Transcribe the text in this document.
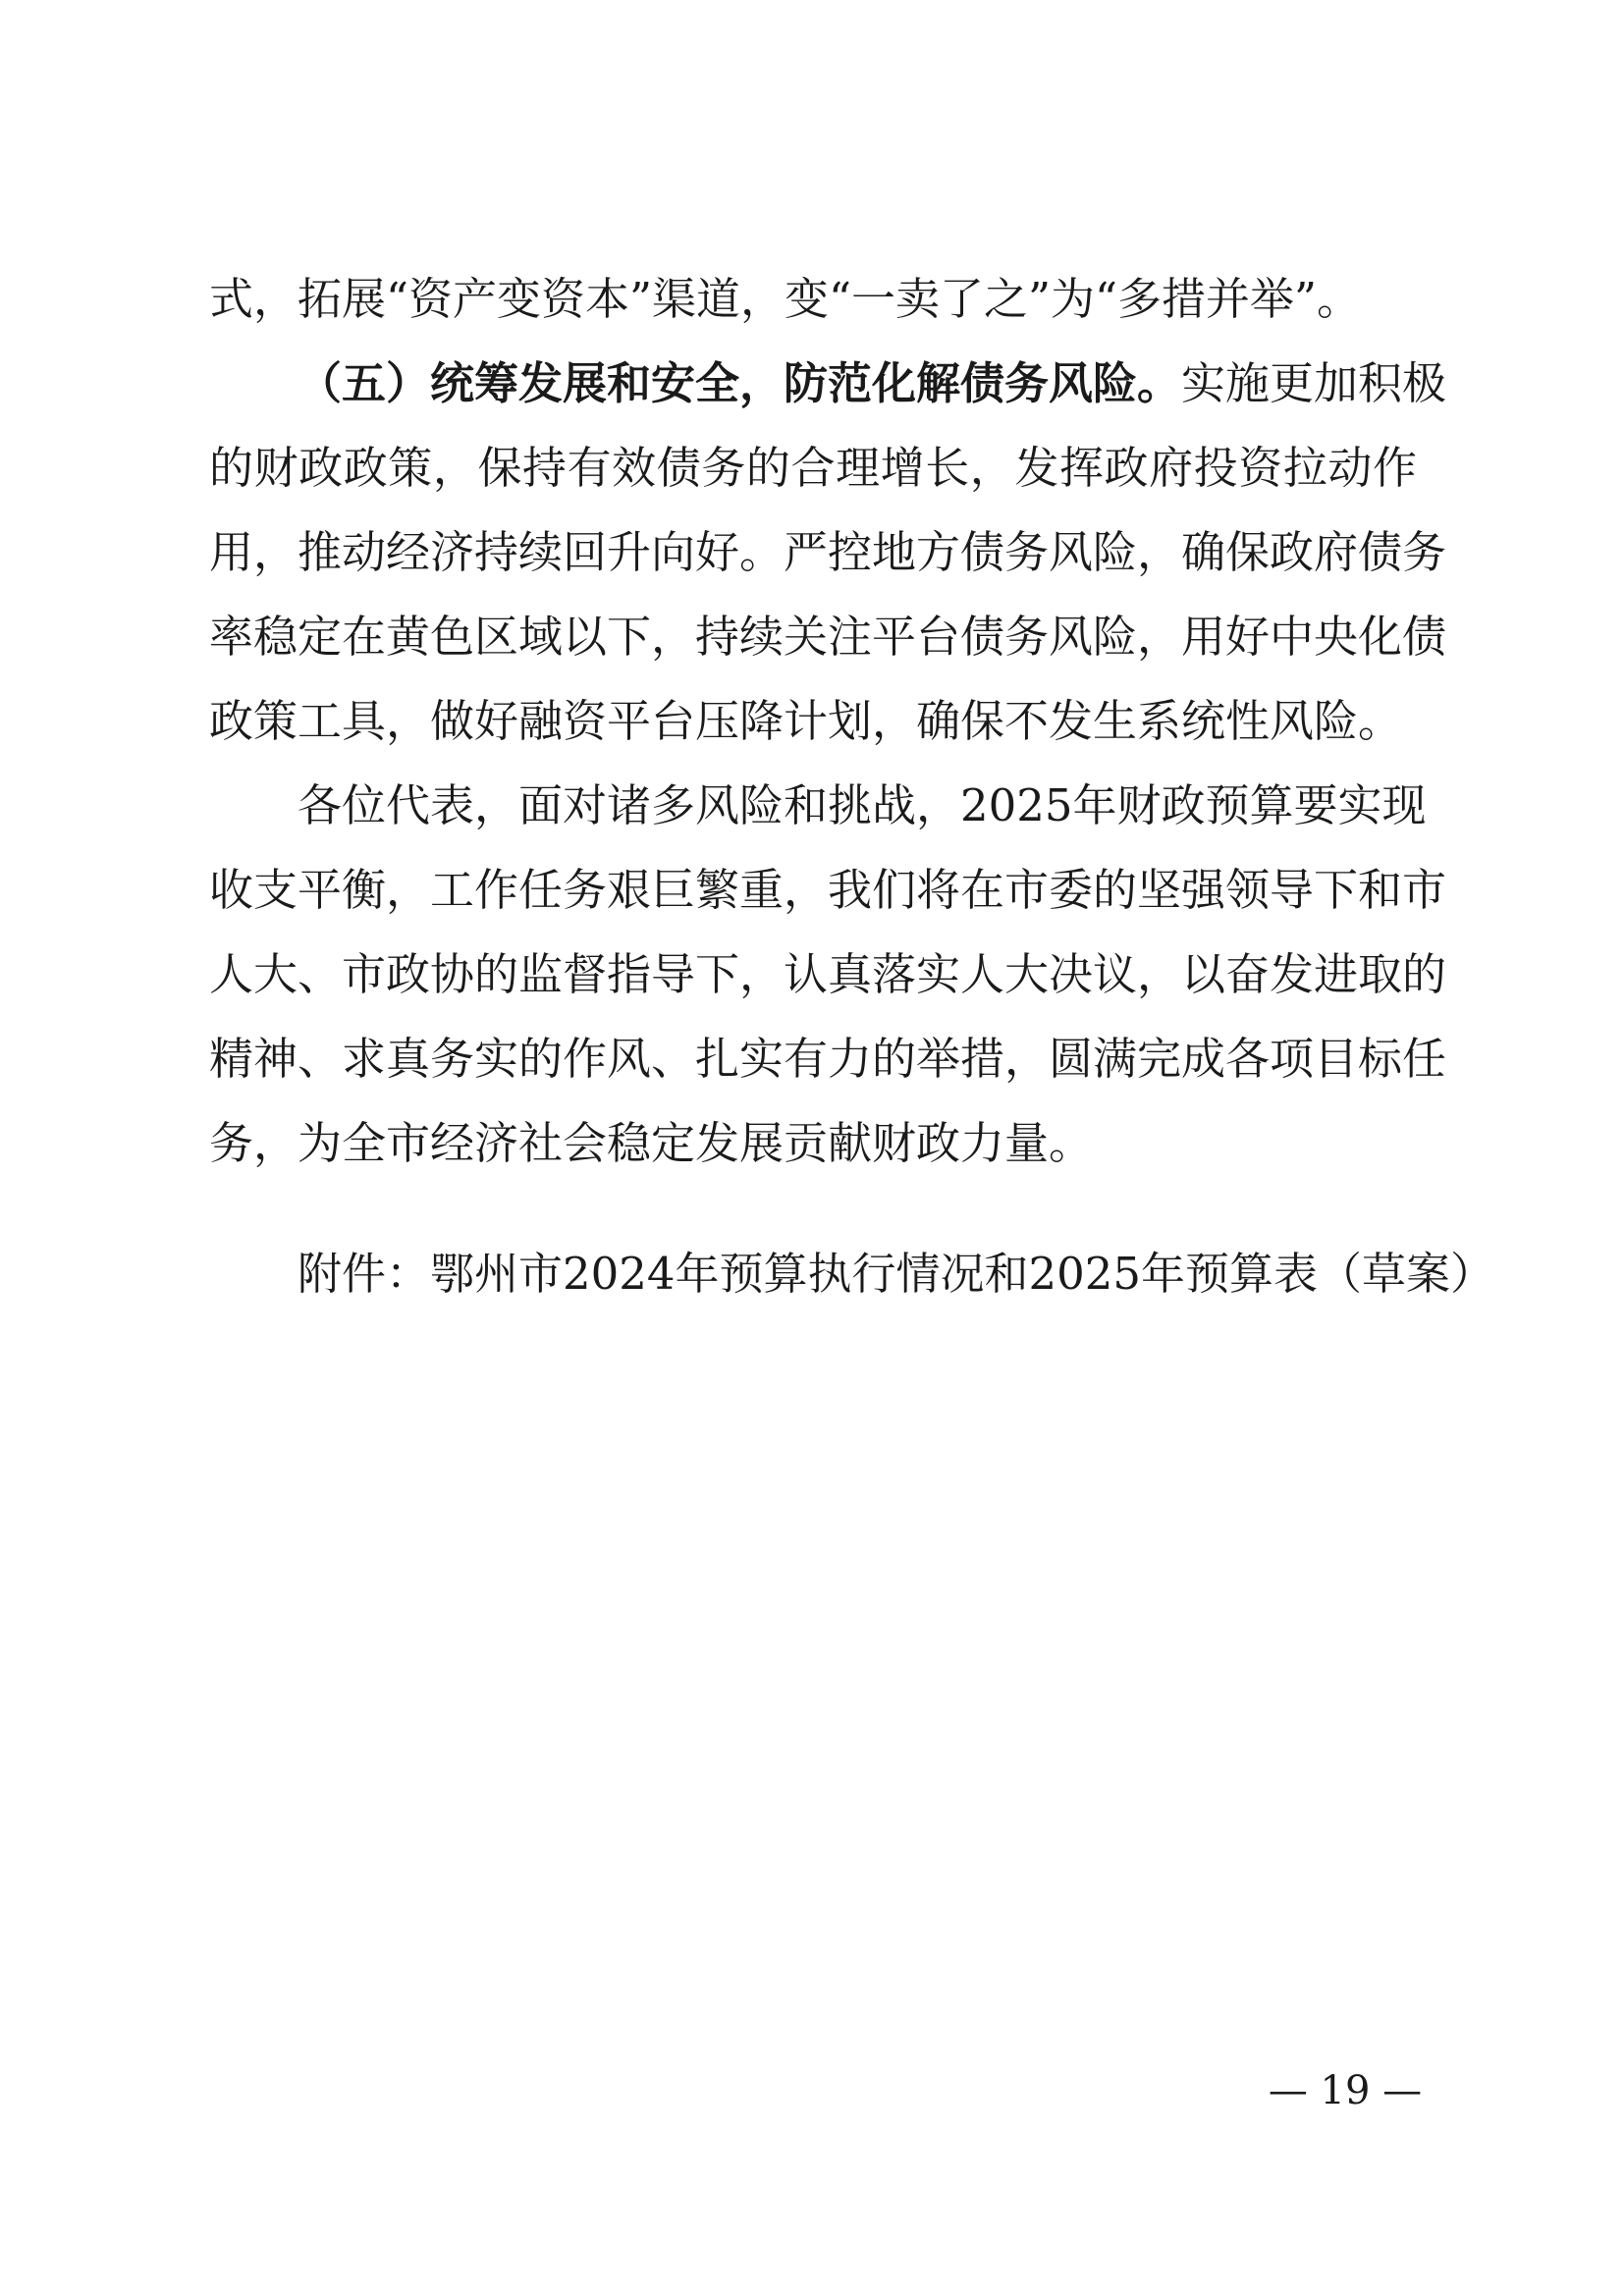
式，拓展“资产变资本”渠道，变“一卖了之”为“多措并举”。
（五）统筹发展和安全，防范化解债务风险。实施更加积极
的财政政策，保持有效债务的合理增长，发挥政府投资拉动作
用，推动经济持续回升向好。严控地方债务风险，确保政府债务
率稳定在黄色区域以下，持续关注平台债务风险，用好中央化债
政策工具，做好融资平台压降计划，确保不发生系统性风险。
各位代表，面对诸多风险和挑战，2025年财政预算要实现
收支平衡，工作任务艰巨繁重，我们将在市委的坚强领导下和市
人大、市政协的监督指导下，认真落实人大决议，以奋发进取的
精神、求真务实的作风、扎实有力的举措，圆满完成各项目标任
务，为全市经济社会稳定发展贡献财政力量。
附件：鄂州市2024年预算执行情况和2025年预算表（草案）
— 19 —
